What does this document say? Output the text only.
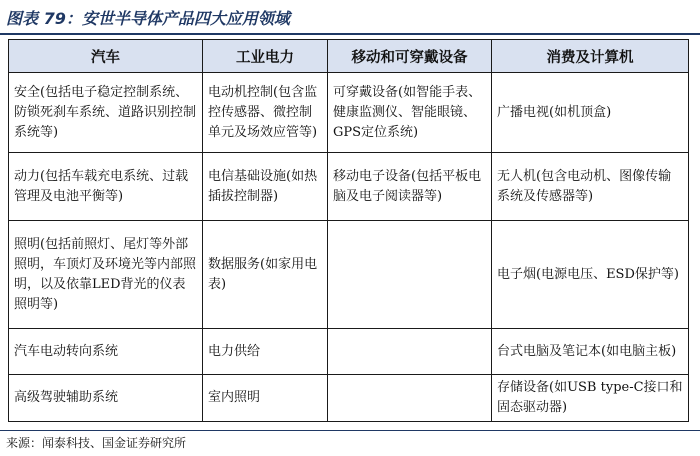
图表 79：安世半导体产品四大应用领域
汽车	工业电力	移动和可穿戴设备	消费及计算机
安全(包括电子稳定控制系统、防锁死刹车系统、道路识别控制系统等)	电动机控制(包含监控传感器、微控制单元及场效应管等)	可穿戴设备(如智能手表、健康监测仪、智能眼镜、GPS定位系统)	广播电视(如机顶盒)
动力(包括车载充电系统、过载管理及电池平衡等)	电信基础设施(如热插拔控制器)	移动电子设备(包括平板电脑及电子阅读器等)	无人机(包含电动机、图像传输系统及传感器等)
照明(包括前照灯、尾灯等外部照明，车顶灯及环境光等内部照明，以及依靠LED背光的仪表照明等)	数据服务(如家用电表)		电子烟(电源电压、ESD保护等)
汽车电动转向系统	电力供给		台式电脑及笔记本(如电脑主板)
高级驾驶辅助系统	室内照明		存储设备(如USB type-C接口和固态驱动器)
来源：闻泰科技、国金证券研究所
